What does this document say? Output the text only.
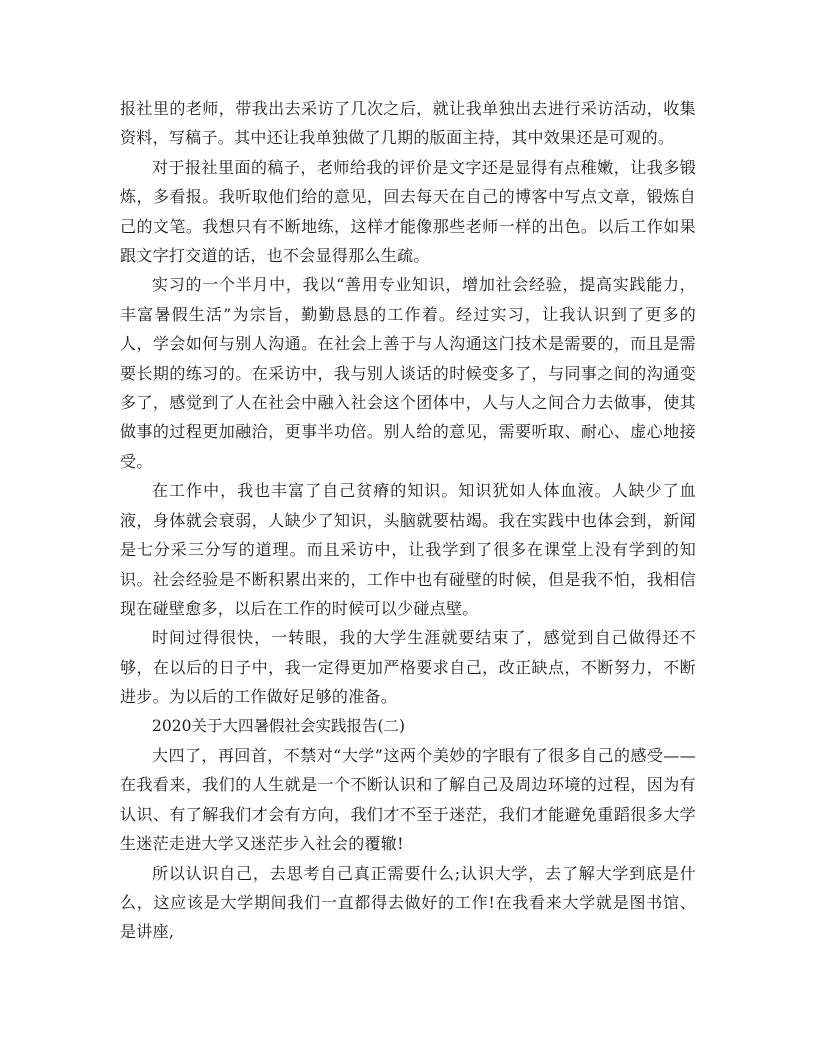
报社里的老师，带我出去采访了几次之后，就让我单独出去进行采访活动，收集资料，写稿子。其中还让我单独做了几期的版面主持，其中效果还是可观的。

对于报社里面的稿子，老师给我的评价是文字还是显得有点稚嫩，让我多锻炼，多看报。我听取他们给的意见，回去每天在自己的博客中写点文章，锻炼自己的文笔。我想只有不断地练，这样才能像那些老师一样的出色。以后工作如果跟文字打交道的话，也不会显得那么生疏。

实习的一个半月中，我以“善用专业知识，增加社会经验，提高实践能力，丰富暑假生活”为宗旨，勤勤恳恳的工作着。经过实习，让我认识到了更多的人，学会如何与别人沟通。在社会上善于与人沟通这门技术是需要的，而且是需要长期的练习的。在采访中，我与别人谈话的时候变多了，与同事之间的沟通变多了，感觉到了人在社会中融入社会这个团体中，人与人之间合力去做事，使其做事的过程更加融洽，更事半功倍。别人给的意见，需要听取、耐心、虚心地接受。

在工作中，我也丰富了自己贫瘠的知识。知识犹如人体血液。人缺少了血液，身体就会衰弱，人缺少了知识，头脑就要枯竭。我在实践中也体会到，新闻是七分采三分写的道理。而且采访中，让我学到了很多在课堂上没有学到的知识。社会经验是不断积累出来的，工作中也有碰壁的时候，但是我不怕，我相信现在碰壁愈多，以后在工作的时候可以少碰点壁。

时间过得很快，一转眼，我的大学生涯就要结束了，感觉到自己做得还不够，在以后的日子中，我一定得更加严格要求自己，改正缺点，不断努力，不断进步。为以后的工作做好足够的准备。

2020关于大四暑假社会实践报告(二)

大四了，再回首，不禁对“大学”这两个美妙的字眼有了很多自己的感受——在我看来，我们的人生就是一个不断认识和了解自己及周边环境的过程，因为有认识、有了解我们才会有方向，我们才不至于迷茫，我们才能避免重蹈很多大学生迷茫走进大学又迷茫步入社会的覆辙!

所以认识自己，去思考自己真正需要什么;认识大学，去了解大学到底是什么，这应该是大学期间我们一直都得去做好的工作!在我看来大学就是图书馆、是讲座,
